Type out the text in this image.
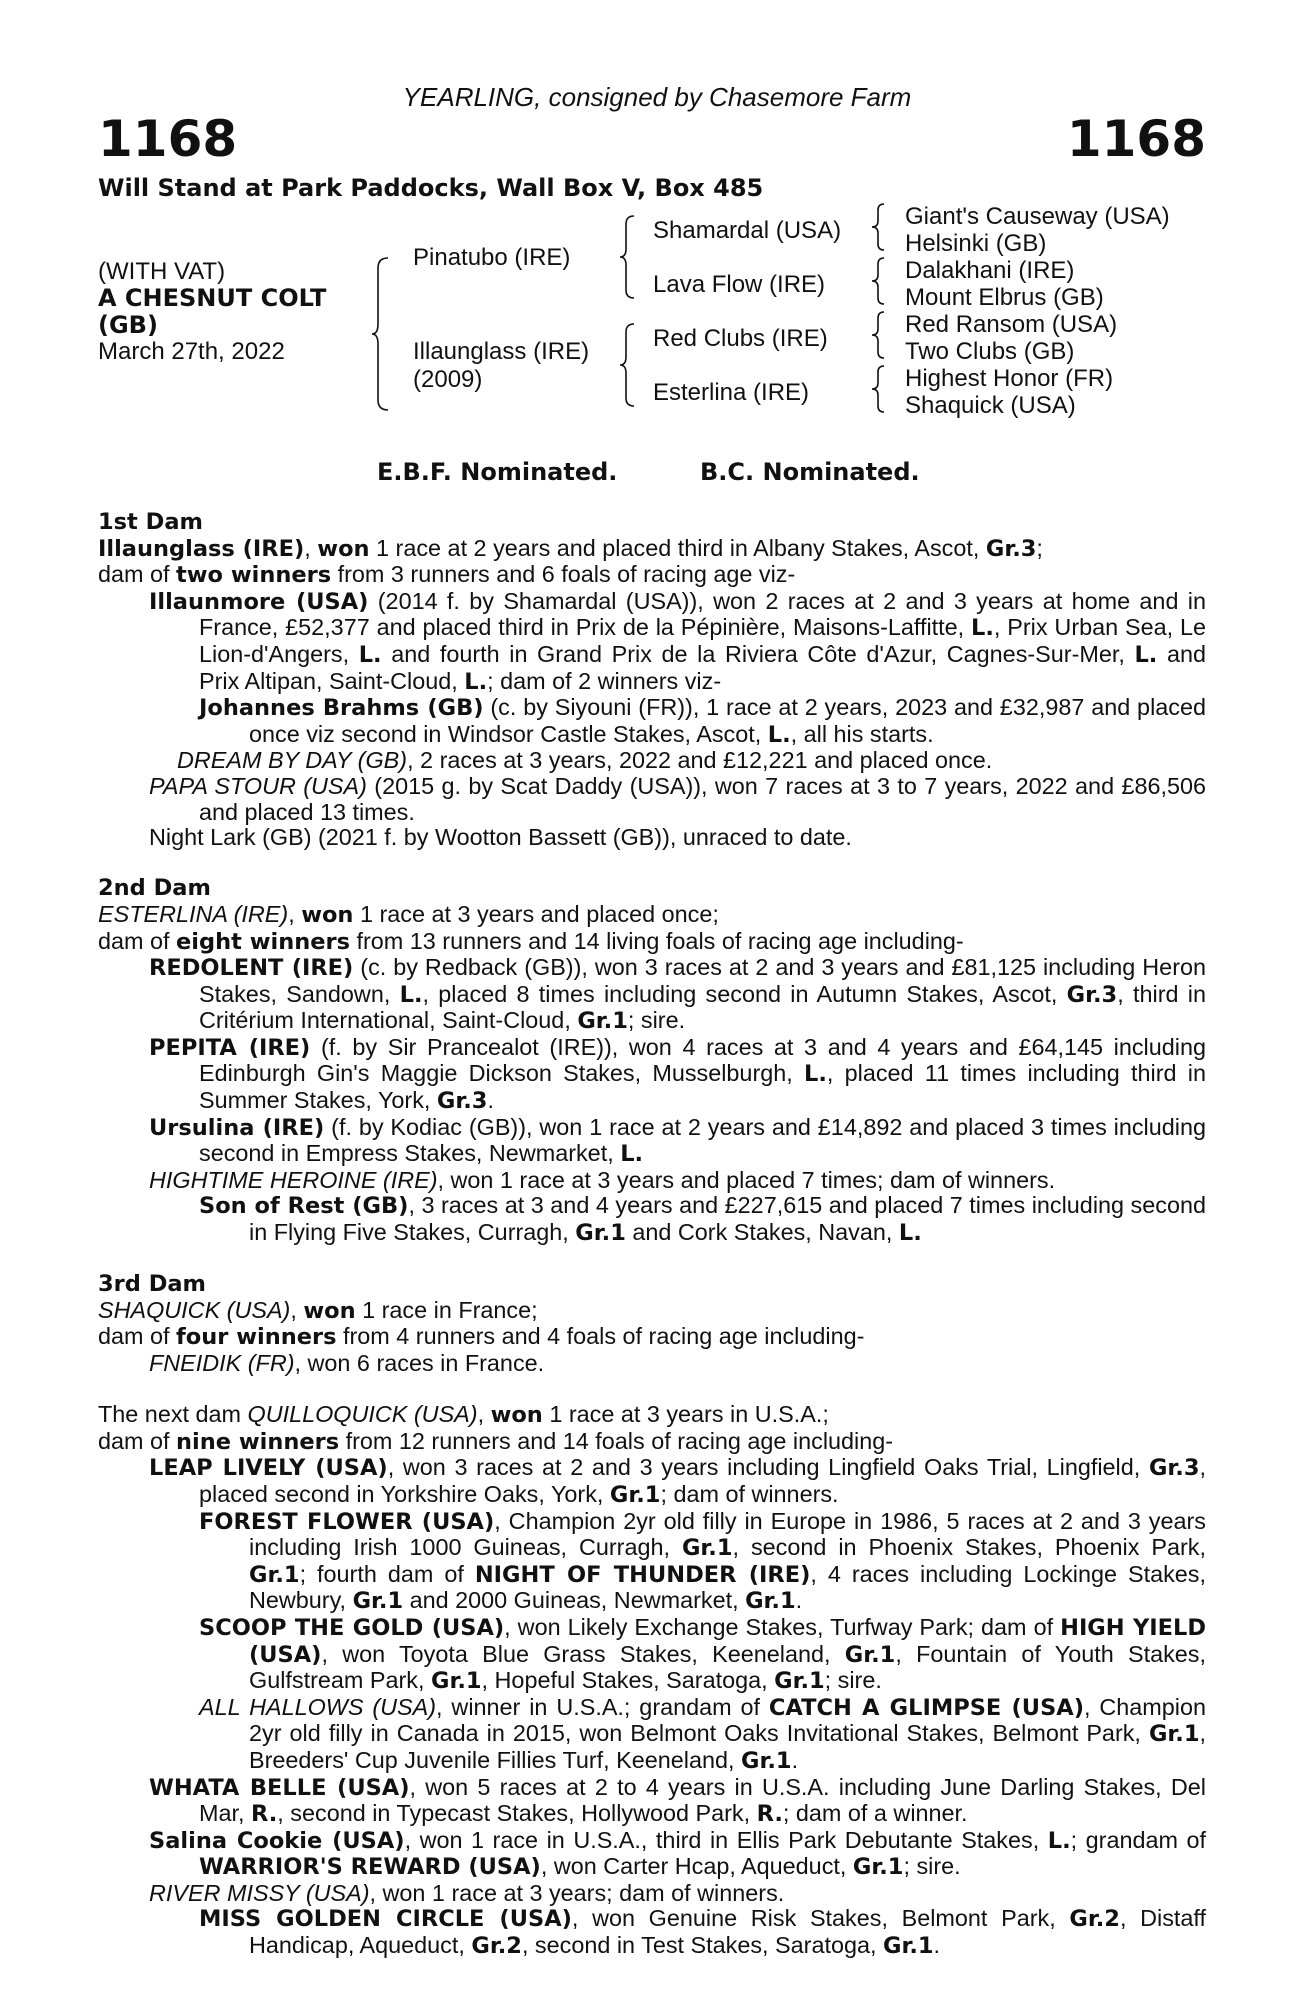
YEARLING, consigned by Chasemore Farm
1168	1168
Will Stand at Park Paddocks, Wall Box V, Box 485
(WITH VAT)
A CHESNUT COLT
(GB)
March 27th, 2022
Pinatubo (IRE)
Illaunglass (IRE)
(2009)
Shamardal (USA)
Lava Flow (IRE)
Red Clubs (IRE)
Esterlina (IRE)
Giant's Causeway (USA)
Helsinki (GB)
Dalakhani (IRE)
Mount Elbrus (GB)
Red Ransom (USA)
Two Clubs (GB)
Highest Honor (FR)
Shaquick (USA)
E.B.F. Nominated.	B.C. Nominated.
1st Dam
Illaunglass (IRE), won 1 race at 2 years and placed third in Albany Stakes, Ascot, Gr.3;
dam of two winners from 3 runners and 6 foals of racing age viz-
Illaunmore (USA) (2014 f. by Shamardal (USA)), won 2 races at 2 and 3 years at home and in France, £52,377 and placed third in Prix de la Pépinière, Maisons-Laffitte, L., Prix Urban Sea, Le Lion-d'Angers, L. and fourth in Grand Prix de la Riviera Côte d'Azur, Cagnes-Sur-Mer, L. and Prix Altipan, Saint-Cloud, L.; dam of 2 winners viz-
Johannes Brahms (GB) (c. by Siyouni (FR)), 1 race at 2 years, 2023 and £32,987 and placed once viz second in Windsor Castle Stakes, Ascot, L., all his starts.
DREAM BY DAY (GB), 2 races at 3 years, 2022 and £12,221 and placed once.
PAPA STOUR (USA) (2015 g. by Scat Daddy (USA)), won 7 races at 3 to 7 years, 2022 and £86,506 and placed 13 times.
Night Lark (GB) (2021 f. by Wootton Bassett (GB)), unraced to date.
2nd Dam
ESTERLINA (IRE), won 1 race at 3 years and placed once;
dam of eight winners from 13 runners and 14 living foals of racing age including-
REDOLENT (IRE) (c. by Redback (GB)), won 3 races at 2 and 3 years and £81,125 including Heron Stakes, Sandown, L., placed 8 times including second in Autumn Stakes, Ascot, Gr.3, third in Critérium International, Saint-Cloud, Gr.1; sire.
PEPITA (IRE) (f. by Sir Prancealot (IRE)), won 4 races at 3 and 4 years and £64,145 including Edinburgh Gin's Maggie Dickson Stakes, Musselburgh, L., placed 11 times including third in Summer Stakes, York, Gr.3.
Ursulina (IRE) (f. by Kodiac (GB)), won 1 race at 2 years and £14,892 and placed 3 times including second in Empress Stakes, Newmarket, L.
HIGHTIME HEROINE (IRE), won 1 race at 3 years and placed 7 times; dam of winners.
Son of Rest (GB), 3 races at 3 and 4 years and £227,615 and placed 7 times including second in Flying Five Stakes, Curragh, Gr.1 and Cork Stakes, Navan, L.
3rd Dam
SHAQUICK (USA), won 1 race in France;
dam of four winners from 4 runners and 4 foals of racing age including-
FNEIDIK (FR), won 6 races in France.
The next dam QUILLOQUICK (USA), won 1 race at 3 years in U.S.A.;
dam of nine winners from 12 runners and 14 foals of racing age including-
LEAP LIVELY (USA), won 3 races at 2 and 3 years including Lingfield Oaks Trial, Lingfield, Gr.3, placed second in Yorkshire Oaks, York, Gr.1; dam of winners.
FOREST FLOWER (USA), Champion 2yr old filly in Europe in 1986, 5 races at 2 and 3 years including Irish 1000 Guineas, Curragh, Gr.1, second in Phoenix Stakes, Phoenix Park, Gr.1; fourth dam of NIGHT OF THUNDER (IRE), 4 races including Lockinge Stakes, Newbury, Gr.1 and 2000 Guineas, Newmarket, Gr.1.
SCOOP THE GOLD (USA), won Likely Exchange Stakes, Turfway Park; dam of HIGH YIELD (USA), won Toyota Blue Grass Stakes, Keeneland, Gr.1, Fountain of Youth Stakes, Gulfstream Park, Gr.1, Hopeful Stakes, Saratoga, Gr.1; sire.
ALL HALLOWS (USA), winner in U.S.A.; grandam of CATCH A GLIMPSE (USA), Champion 2yr old filly in Canada in 2015, won Belmont Oaks Invitational Stakes, Belmont Park, Gr.1, Breeders' Cup Juvenile Fillies Turf, Keeneland, Gr.1.
WHATA BELLE (USA), won 5 races at 2 to 4 years in U.S.A. including June Darling Stakes, Del Mar, R., second in Typecast Stakes, Hollywood Park, R.; dam of a winner.
Salina Cookie (USA), won 1 race in U.S.A., third in Ellis Park Debutante Stakes, L.; grandam of WARRIOR'S REWARD (USA), won Carter Hcap, Aqueduct, Gr.1; sire.
RIVER MISSY (USA), won 1 race at 3 years; dam of winners.
MISS GOLDEN CIRCLE (USA), won Genuine Risk Stakes, Belmont Park, Gr.2, Distaff Handicap, Aqueduct, Gr.2, second in Test Stakes, Saratoga, Gr.1.
